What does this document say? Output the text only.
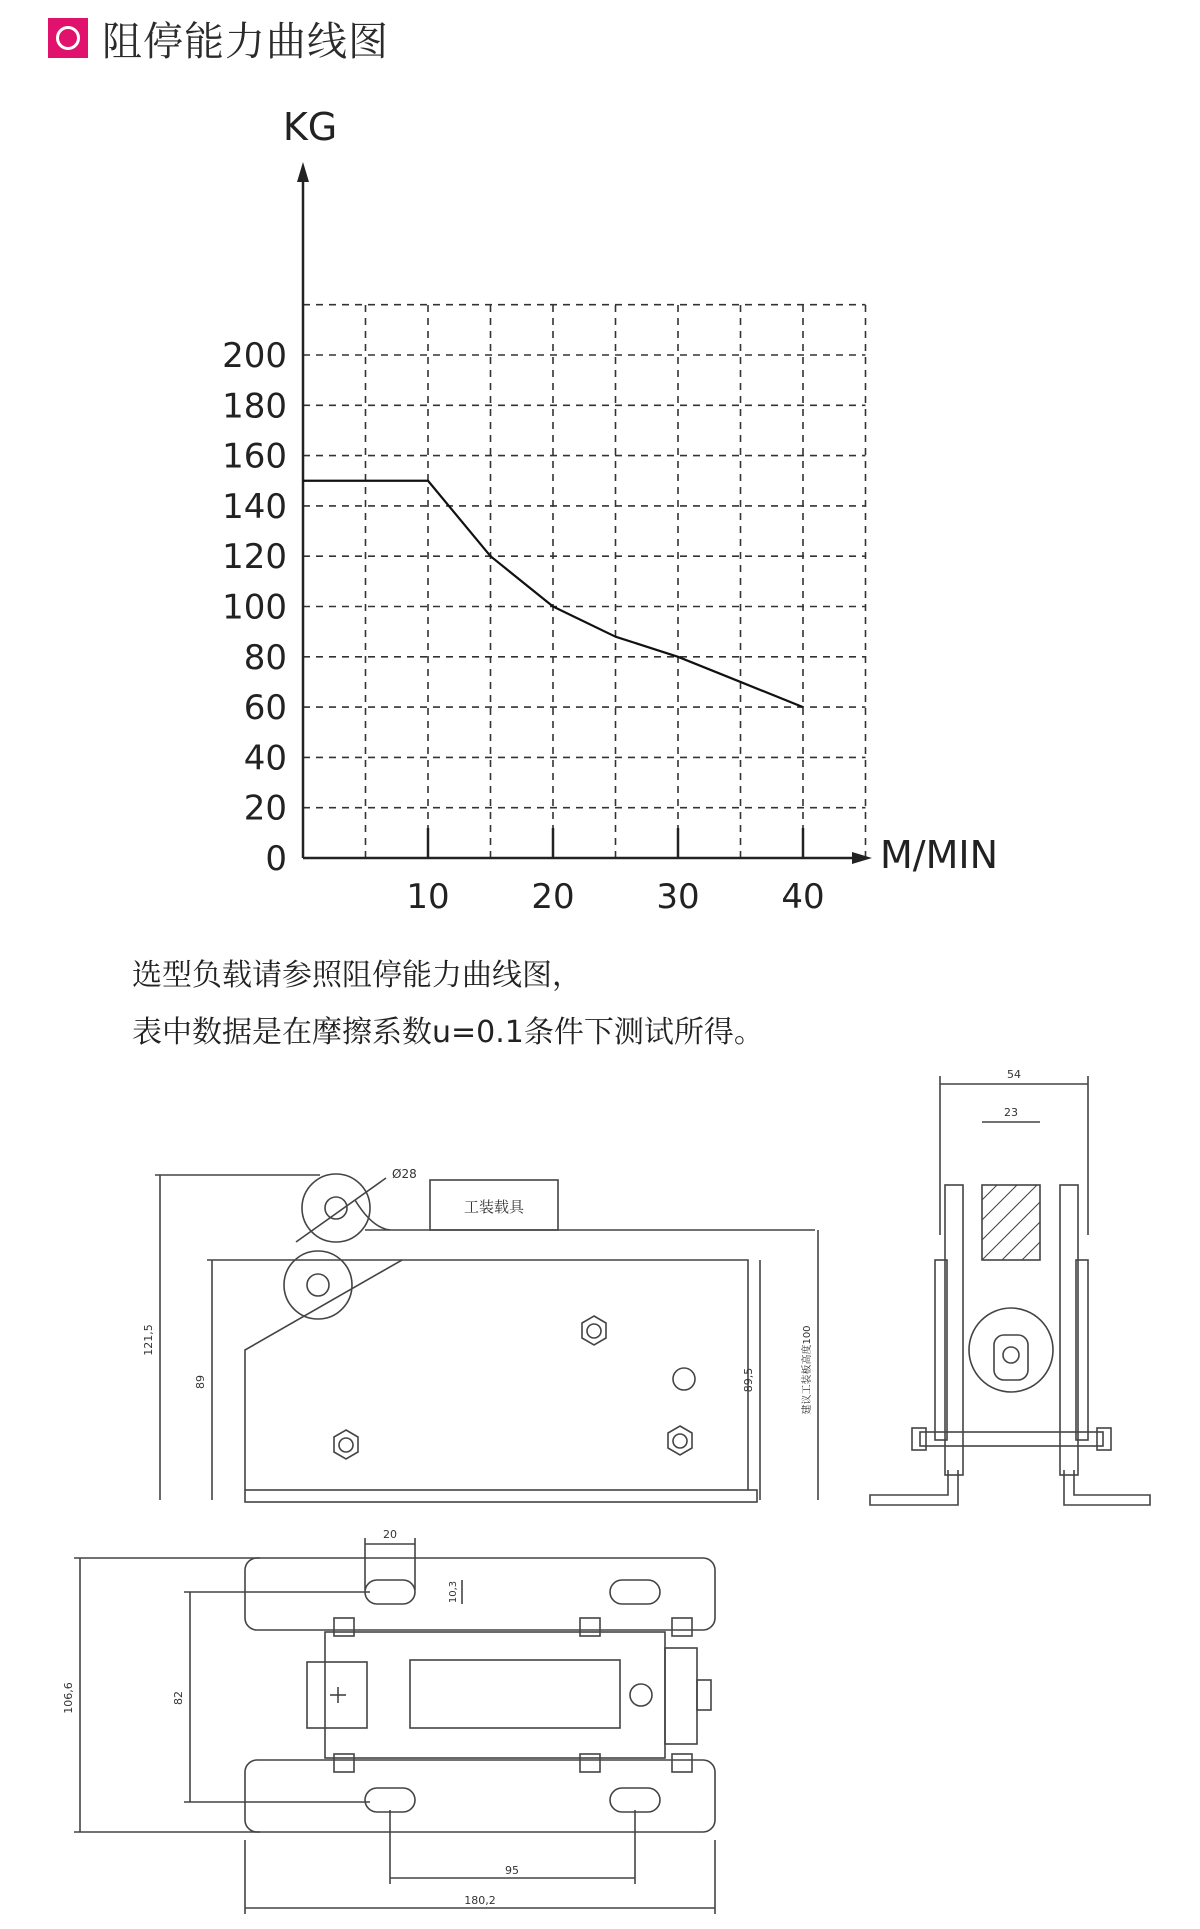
阻停能力曲线图
KG
M/MIN
0
20
40
60
80
100
120
140
160
180
200
10 20 30 40
选型负载请参照阻停能力曲线图，
表中数据是在摩擦系数u=0.1条件下测试所得。
Ø28
工装载具
121,5
89	89,5	建议工装板高度100
54
23
20
10,3
106,6	82
95
180,2
